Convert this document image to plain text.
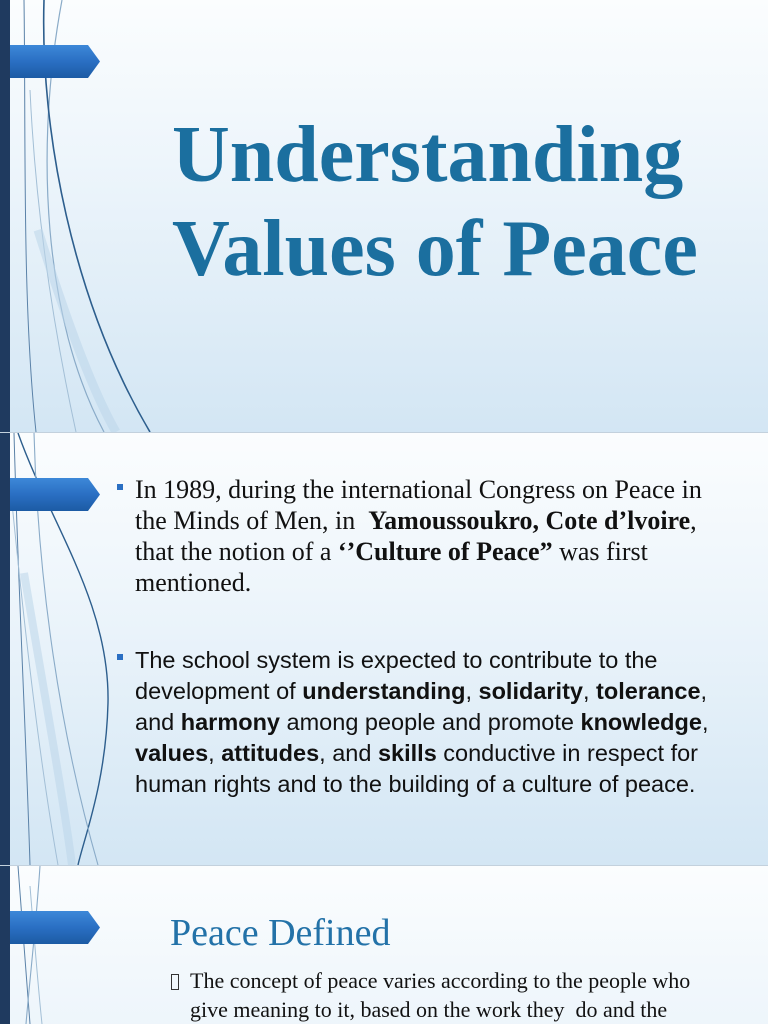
Understanding Values of Peace
In 1989, during the international Congress on Peace in
the Minds of Men, in  Yamoussoukro, Cote d’lvoire,
that the notion of a ‘’Culture of Peace” was first
mentioned.
The school system is expected to contribute to the
development of understanding, solidarity, tolerance,
and harmony among people and promote knowledge,
values, attitudes, and skills conductive in respect for
human rights and to the building of a culture of peace.
Peace Defined
The concept of peace varies according to the people who
give meaning to it, based on the work they  do and the
